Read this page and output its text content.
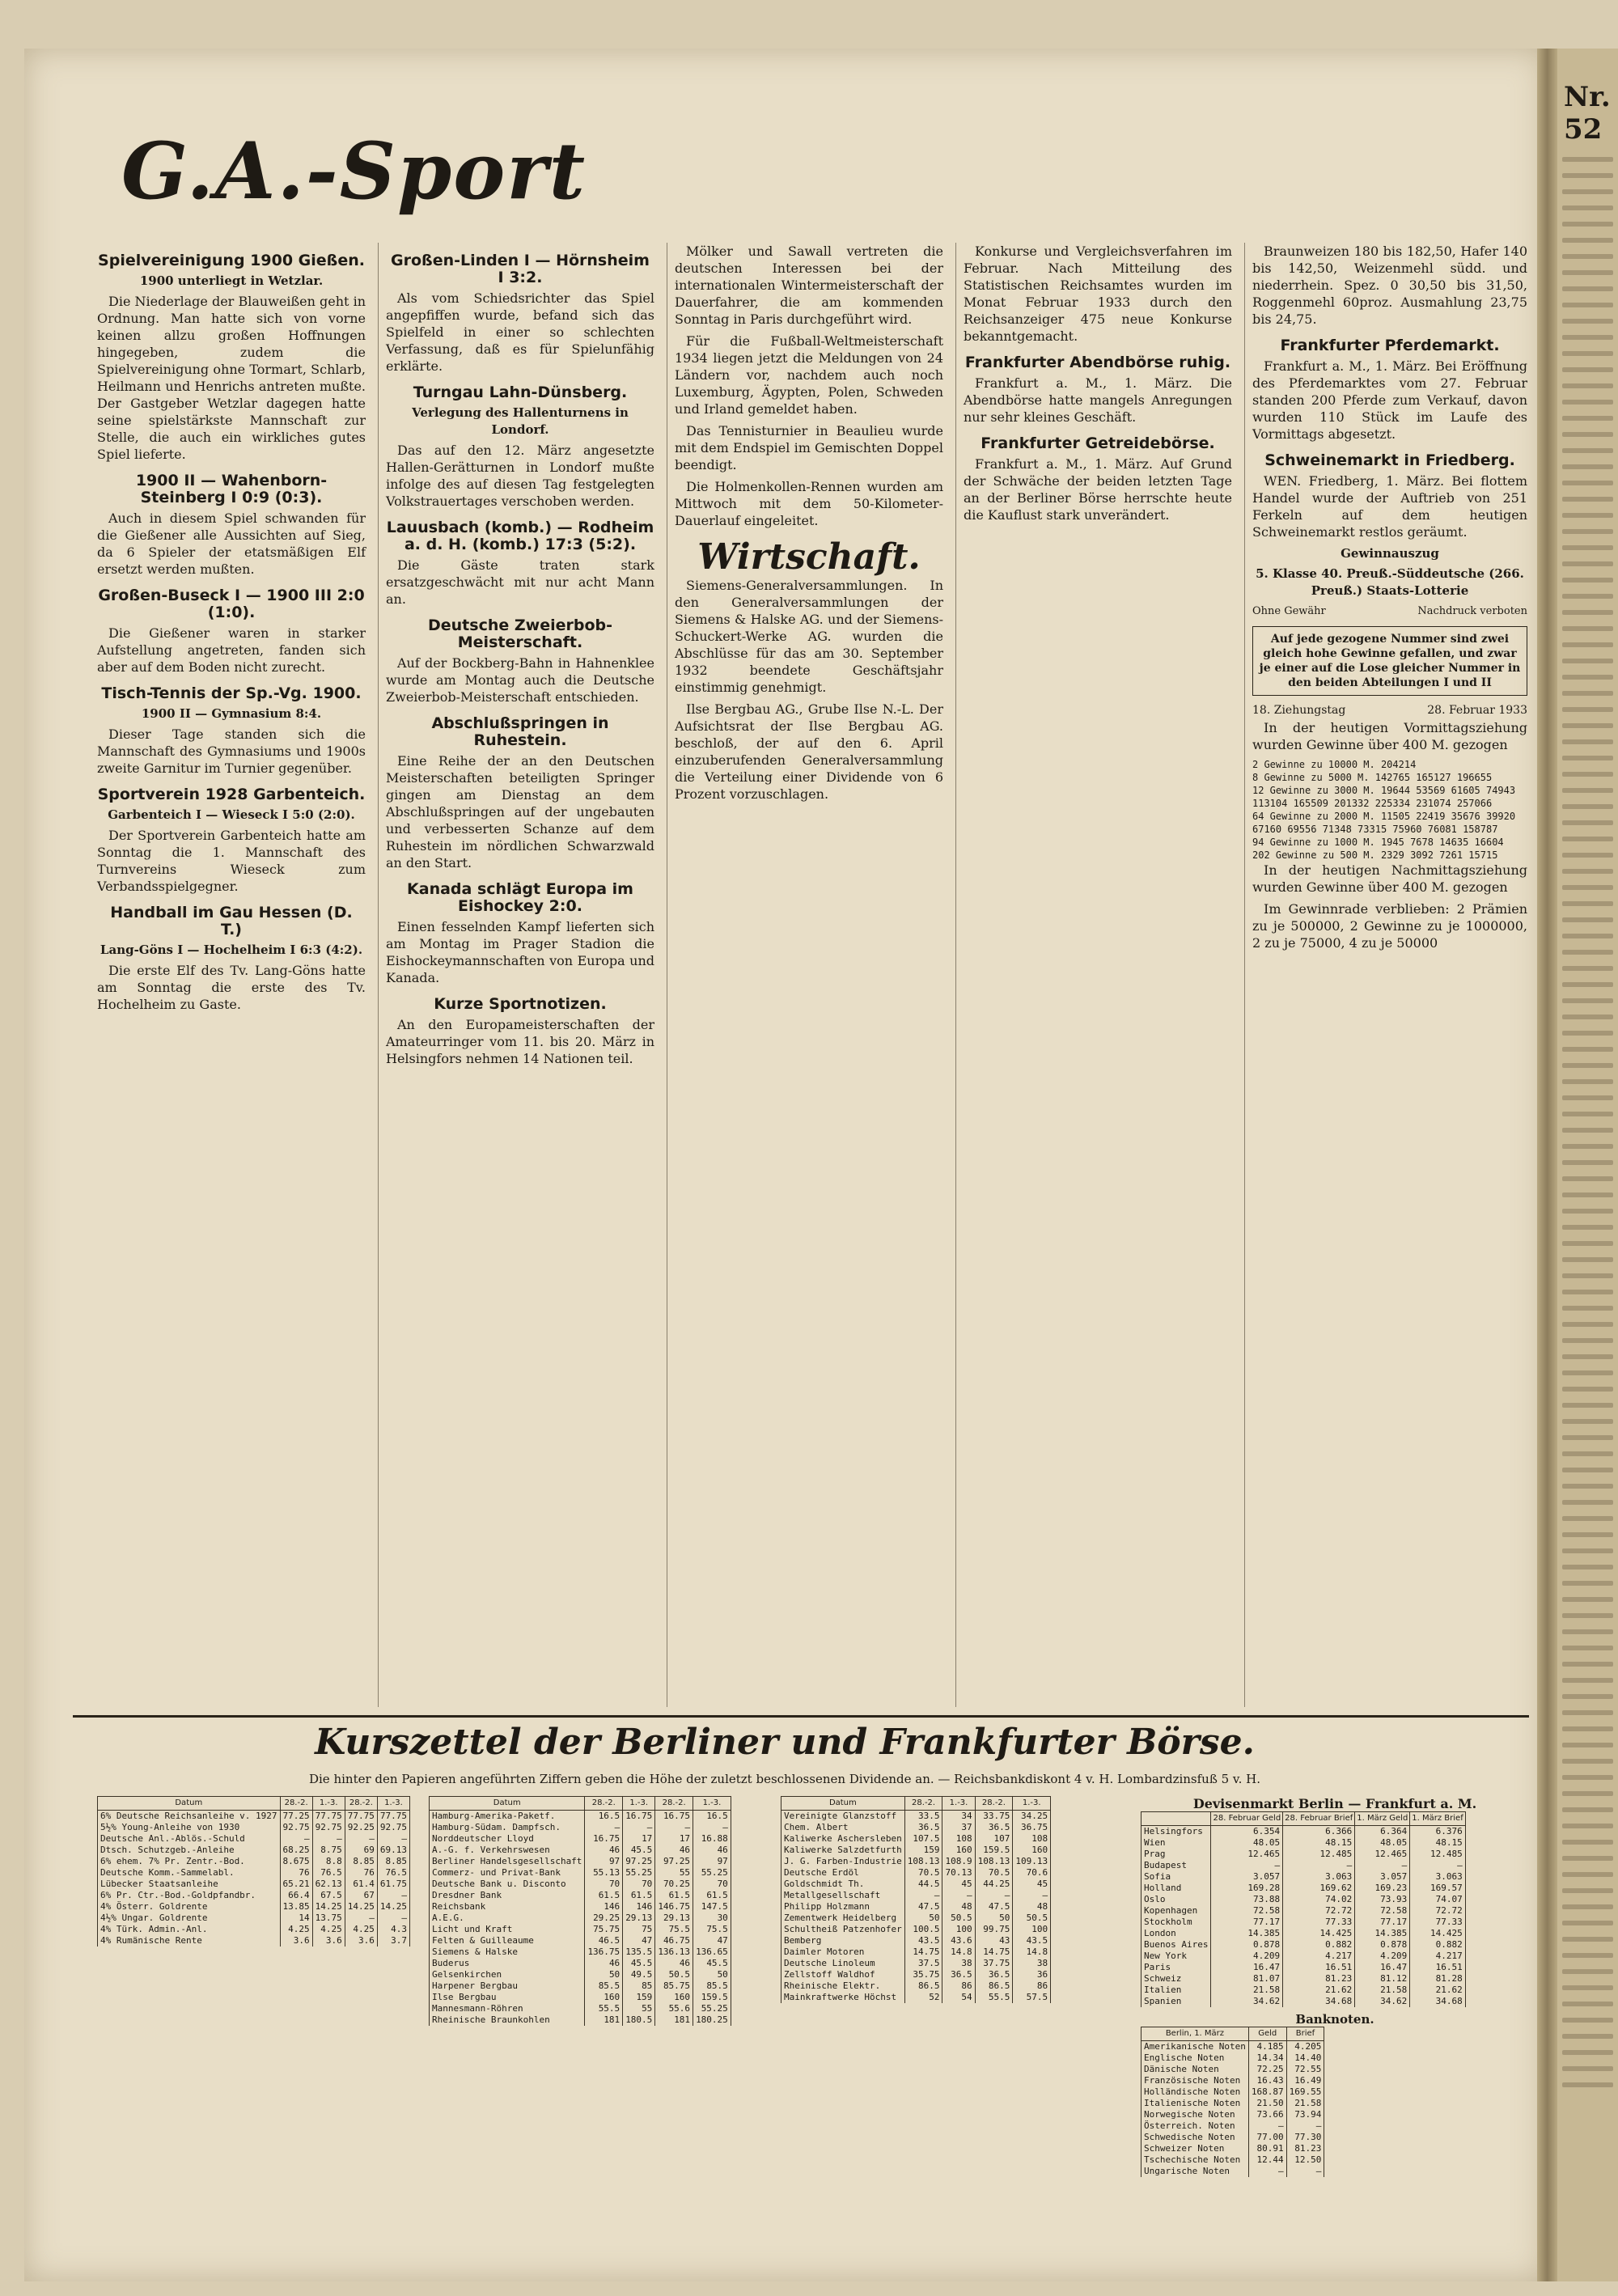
G.A.-Sport
Spielvereinigung 1900 Gießen.
1900 unterliegt in Wetzlar.

Die Niederlage der Blauweißen geht in Ordnung. Man hatte sich von vorne keinen allzu großen Hoffnungen hingegeben, zudem die Spielvereinigung ohne Tormart, Schlarb, Heilmann und Henrichs antreten mußte. Der Gastgeber Wetzlar dagegen hatte seine spielstärkste Mannschaft zur Stelle, die auch ein wirkliches gutes Spiel lieferte.

1900 II — Wahenborn-Steinberg I 0:9 (0:3).

Auch in diesem Spiel schwanden für die Gießener alle Aussichten auf Sieg, da 6 Spieler der etatsmäßigen Elf ersetzt werden mußten.

Großen-Buseck I — 1900 III 2:0 (1:0).

Die Gießener waren in starker Aufstellung angetreten, fanden sich aber auf dem Boden nicht zurecht.

Tisch-Tennis der Sp.-Vg. 1900.
1900 II — Gymnasium 8:4.

Dieser Tage standen sich die Mannschaft des Gymnasiums und 1900s zweite Garnitur im Turnier gegenüber.

Sportverein 1928 Garbenteich.
Garbenteich I — Wieseck I 5:0 (2:0).

Der Sportverein Garbenteich hatte am Sonntag die 1. Mannschaft des Turnvereins Wieseck zum Verbandsspielgegner.

Handball im Gau Hessen (D. T.)
Lang-Göns I — Hochelheim I 6:3 (4:2).

Die erste Elf des Tv. Lang-Göns hatte am Sonntag die erste des Tv. Hochelheim zu Gaste.

Großen-Linden I — Hörnsheim I 3:2.

Als vom Schiedsrichter das Spiel angepfiffen wurde, befand sich das Spielfeld in einer so schlechten Verfassung, daß es für Spielunfähig erklärte.

Turngau Lahn-Dünsberg.
Verlegung des Hallenturnens in Londorf.

Das auf den 12. März angesetzte Hallen-Gerätturnen in Londorf mußte infolge des auf diesen Tag festgelegten Volkstrauertages verschoben werden.

Lauusbach (komb.) — Rodheim a. d. H. (komb.) 17:3 (5:2).

Die Gäste traten stark ersatzgeschwächt mit nur acht Mann an.

Deutsche Zweierbob-Meisterschaft.

Auf der Bockberg-Bahn in Hahnenklee wurde am Montag auch die Deutsche Zweierbob-Meisterschaft entschieden.

Abschlußspringen in Ruhestein.

Eine Reihe der an den Deutschen Meisterschaften beteiligten Springer gingen am Dienstag an dem Abschlußspringen auf der ungebauten und verbesserten Schanze auf dem Ruhestein im nördlichen Schwarzwald an den Start.

Kanada schlägt Europa im Eishockey 2:0.

Einen fesselnden Kampf lieferten sich am Montag im Prager Stadion die Eishockeymannschaften von Europa und Kanada.

Kurze Sportnotizen.

An den Europameisterschaften der Amateurringer vom 11. bis 20. März in Helsingfors nehmen 14 Nationen teil.

Mölker und Sawall vertreten die deutschen Interessen bei der internationalen Wintermeisterschaft der Dauerfahrer, die am kommenden Sonntag in Paris durchgeführt wird.

Für die Fußball-Weltmeisterschaft 1934 liegen jetzt die Meldungen von 24 Ländern vor, nachdem auch noch Luxemburg, Ägypten, Polen, Schweden und Irland gemeldet haben.

Das Tennisturnier in Beaulieu wurde mit dem Endspiel im Gemischten Doppel beendigt.

Die Holmenkollen-Rennen wurden am Mittwoch mit dem 50-Kilometer-Dauerlauf eingeleitet.

Wirtschaft.

Siemens-Generalversammlungen. In den Generalversammlungen der Siemens & Halske AG. und der Siemens-Schuckert-Werke AG. wurden die Abschlüsse für das am 30. September 1932 beendete Geschäftsjahr einstimmig genehmigt.

Ilse Bergbau AG., Grube Ilse N.-L. Der Aufsichtsrat der Ilse Bergbau AG. beschloß, der auf den 6. April einzuberufenden Generalversammlung die Verteilung einer Dividende von 6 Prozent vorzuschlagen.

Konkurse und Vergleichsverfahren im Februar. Nach Mitteilung des Statistischen Reichsamtes wurden im Monat Februar 1933 durch den Reichsanzeiger 475 neue Konkurse bekanntgemacht.

Frankfurter Abendbörse ruhig.

Frankfurt a. M., 1. März. Die Abendbörse hatte mangels Anregungen nur sehr kleines Geschäft.

Frankfurter Getreidebörse.

Frankfurt a. M., 1. März. Auf Grund der Schwäche der beiden letzten Tage an der Berliner Börse herrschte heute die Kauflust stark unverändert.

Braunweizen 180 bis 182,50, Hafer 140 bis 142,50, Weizenmehl südd. und niederrhein. Spez. 0 30,50 bis 31,50, Roggenmehl 60proz. Ausmahlung 23,75 bis 24,75.

Frankfurter Pferdemarkt.

Frankfurt a. M., 1. März. Bei Eröffnung des Pferdemarktes vom 27. Februar standen 200 Pferde zum Verkauf, davon wurden 110 Stück im Laufe des Vormittags abgesetzt.

Schweinemarkt in Friedberg.

WEN. Friedberg, 1. März. Bei flottem Handel wurde der Auftrieb von 251 Ferkeln auf dem heutigen Schweinemarkt restlos geräumt.

Gewinnauszug
5. Klasse 40. Preuß.-Süddeutsche (266. Preuß.) Staats-Lotterie
Ohne Gewähr	Nachdruck verboten
Auf jede gezogene Nummer sind zwei gleich hohe Gewinne gefallen, und zwar je einer auf die Lose gleicher Nummer in den beiden Abteilungen I und II
18. Ziehungstag	28. Februar 1933

In der heutigen Vormittagsziehung wurden Gewinne über 400 M. gezogen

2 Gewinne zu 10000 M. 204214
8 Gewinne zu 5000 M. 142765 165127 196655
12 Gewinne zu 3000 M. 19644 53569 61605 74943
113104 165509 201332 225334 231074 257066
64 Gewinne zu 2000 M. 11505 22419 35676 39920
67160 69556 71348 73315 75960 76081 158787
94 Gewinne zu 1000 M. 1945 7678 14635 16604
202 Gewinne zu 500 M. 2329 3092 7261 15715

In der heutigen Nachmittagsziehung wurden Gewinne über 400 M. gezogen

Im Gewinnrade verblieben: 2 Prämien zu je 500000, 2 Gewinne zu je 1000000, 2 zu je 75000, 4 zu je 50000

Kurszettel der Berliner und Frankfurter Börse.
Die hinter den Papieren angeführten Ziffern geben die Höhe der zuletzt beschlossenen Dividende an. — Reichsbankdiskont 4 v. H. Lombardzinsfuß 5 v. H.
Datum	28.-2.	1.-3.	28.-2.	1.-3.
6% Deutsche Reichsanleihe v. 1927	77.25	77.75	77.75	77.75
5½% Young-Anleihe von 1930	92.75	92.75	92.25	92.75
Deutsche Anl.-Ablös.-Schuld	—	—	—	—
Dtsch. Schutzgeb.-Anleihe	68.25	8.75	69	69.13
6% ehem. 7% Pr. Zentr.-Bod.	8.675	8.8	8.85	8.85
Deutsche Komm.-Sammelabl.	76	76.5	76	76.5
Lübecker Staatsanleihe	65.21	62.13	61.4	61.75
6% Pr. Ctr.-Bod.-Goldpfandbr.	66.4	67.5	67	—
4% Österr. Goldrente	13.85	14.25	14.25	14.25
4½% Ungar. Goldrente	14	13.75	—	—
4% Türk. Admin.-Anl.	4.25	4.25	4.25	4.3
4% Rumänische Rente	3.6	3.6	3.6	3.7
Datum	28.-2.	1.-3.	28.-2.	1.-3.
Hamburg-Amerika-Paketf.	16.5	16.75	16.75	16.5
Hamburg-Südam. Dampfsch.	—	—	—	—
Norddeutscher Lloyd	16.75	17	17	16.88
A.-G. f. Verkehrswesen	46	45.5	46	46
Berliner Handelsgesellschaft	97	97.25	97.25	97
Commerz- und Privat-Bank	55.13	55.25	55	55.25
Deutsche Bank u. Disconto	70	70	70.25	70
Dresdner Bank	61.5	61.5	61.5	61.5
Reichsbank	146	146	146.75	147.5
A.E.G.	29.25	29.13	29.13	30
Licht und Kraft	75.75	75	75.5	75.5
Felten & Guilleaume	46.5	47	46.75	47
Siemens & Halske	136.75	135.5	136.13	136.65
Buderus	46	45.5	46	45.5
Gelsenkirchen	50	49.5	50.5	50
Harpener Bergbau	85.5	85	85.75	85.5
Ilse Bergbau	160	159	160	159.5
Mannesmann-Röhren	55.5	55	55.6	55.25
Rheinische Braunkohlen	181	180.5	181	180.25
Datum	28.-2.	1.-3.	28.-2.	1.-3.
Vereinigte Glanzstoff	33.5	34	33.75	34.25
Chem. Albert	36.5	37	36.5	36.75
Kaliwerke Aschersleben	107.5	108	107	108
Kaliwerke Salzdetfurth	159	160	159.5	160
J. G. Farben-Industrie	108.13	108.9	108.13	109.13
Deutsche Erdöl	70.5	70.13	70.5	70.6
Goldschmidt Th.	44.5	45	44.25	45
Metallgesellschaft	—	—	—	—
Philipp Holzmann	47.5	48	47.5	48
Zementwerk Heidelberg	50	50.5	50	50.5
Schultheiß Patzenhofer	100.5	100	99.75	100
Bemberg	43.5	43.6	43	43.5
Daimler Motoren	14.75	14.8	14.75	14.8
Deutsche Linoleum	37.5	38	37.75	38
Zellstoff Waldhof	35.75	36.5	36.5	36
Rheinische Elektr.	86.5	86	86.5	86
Mainkraftwerke Höchst	52	54	55.5	57.5
Devisenmarkt Berlin — Frankfurt a. M.
	28. Februar Geld	28. Februar Brief	1. März Geld	1. März Brief
Helsingfors	6.354	6.366	6.364	6.376
Wien	48.05	48.15	48.05	48.15
Prag	12.465	12.485	12.465	12.485
Budapest	—	—	—	—
Sofia	3.057	3.063	3.057	3.063
Holland	169.28	169.62	169.23	169.57
Oslo	73.88	74.02	73.93	74.07
Kopenhagen	72.58	72.72	72.58	72.72
Stockholm	77.17	77.33	77.17	77.33
London	14.385	14.425	14.385	14.425
Buenos Aires	0.878	0.882	0.878	0.882
New York	4.209	4.217	4.209	4.217
Paris	16.47	16.51	16.47	16.51
Schweiz	81.07	81.23	81.12	81.28
Italien	21.58	21.62	21.58	21.62
Spanien	34.62	34.68	34.62	34.68
Banknoten.
Berlin, 1. März	Geld	Brief
Amerikanische Noten	4.185	4.205
Englische Noten	14.34	14.40
Dänische Noten	72.25	72.55
Französische Noten	16.43	16.49
Holländische Noten	168.87	169.55
Italienische Noten	21.50	21.58
Norwegische Noten	73.66	73.94
Österreich. Noten	—	—
Schwedische Noten	77.00	77.30
Schweizer Noten	80.91	81.23
Tschechische Noten	12.44	12.50
Ungarische Noten	—	—
Nr. 52
